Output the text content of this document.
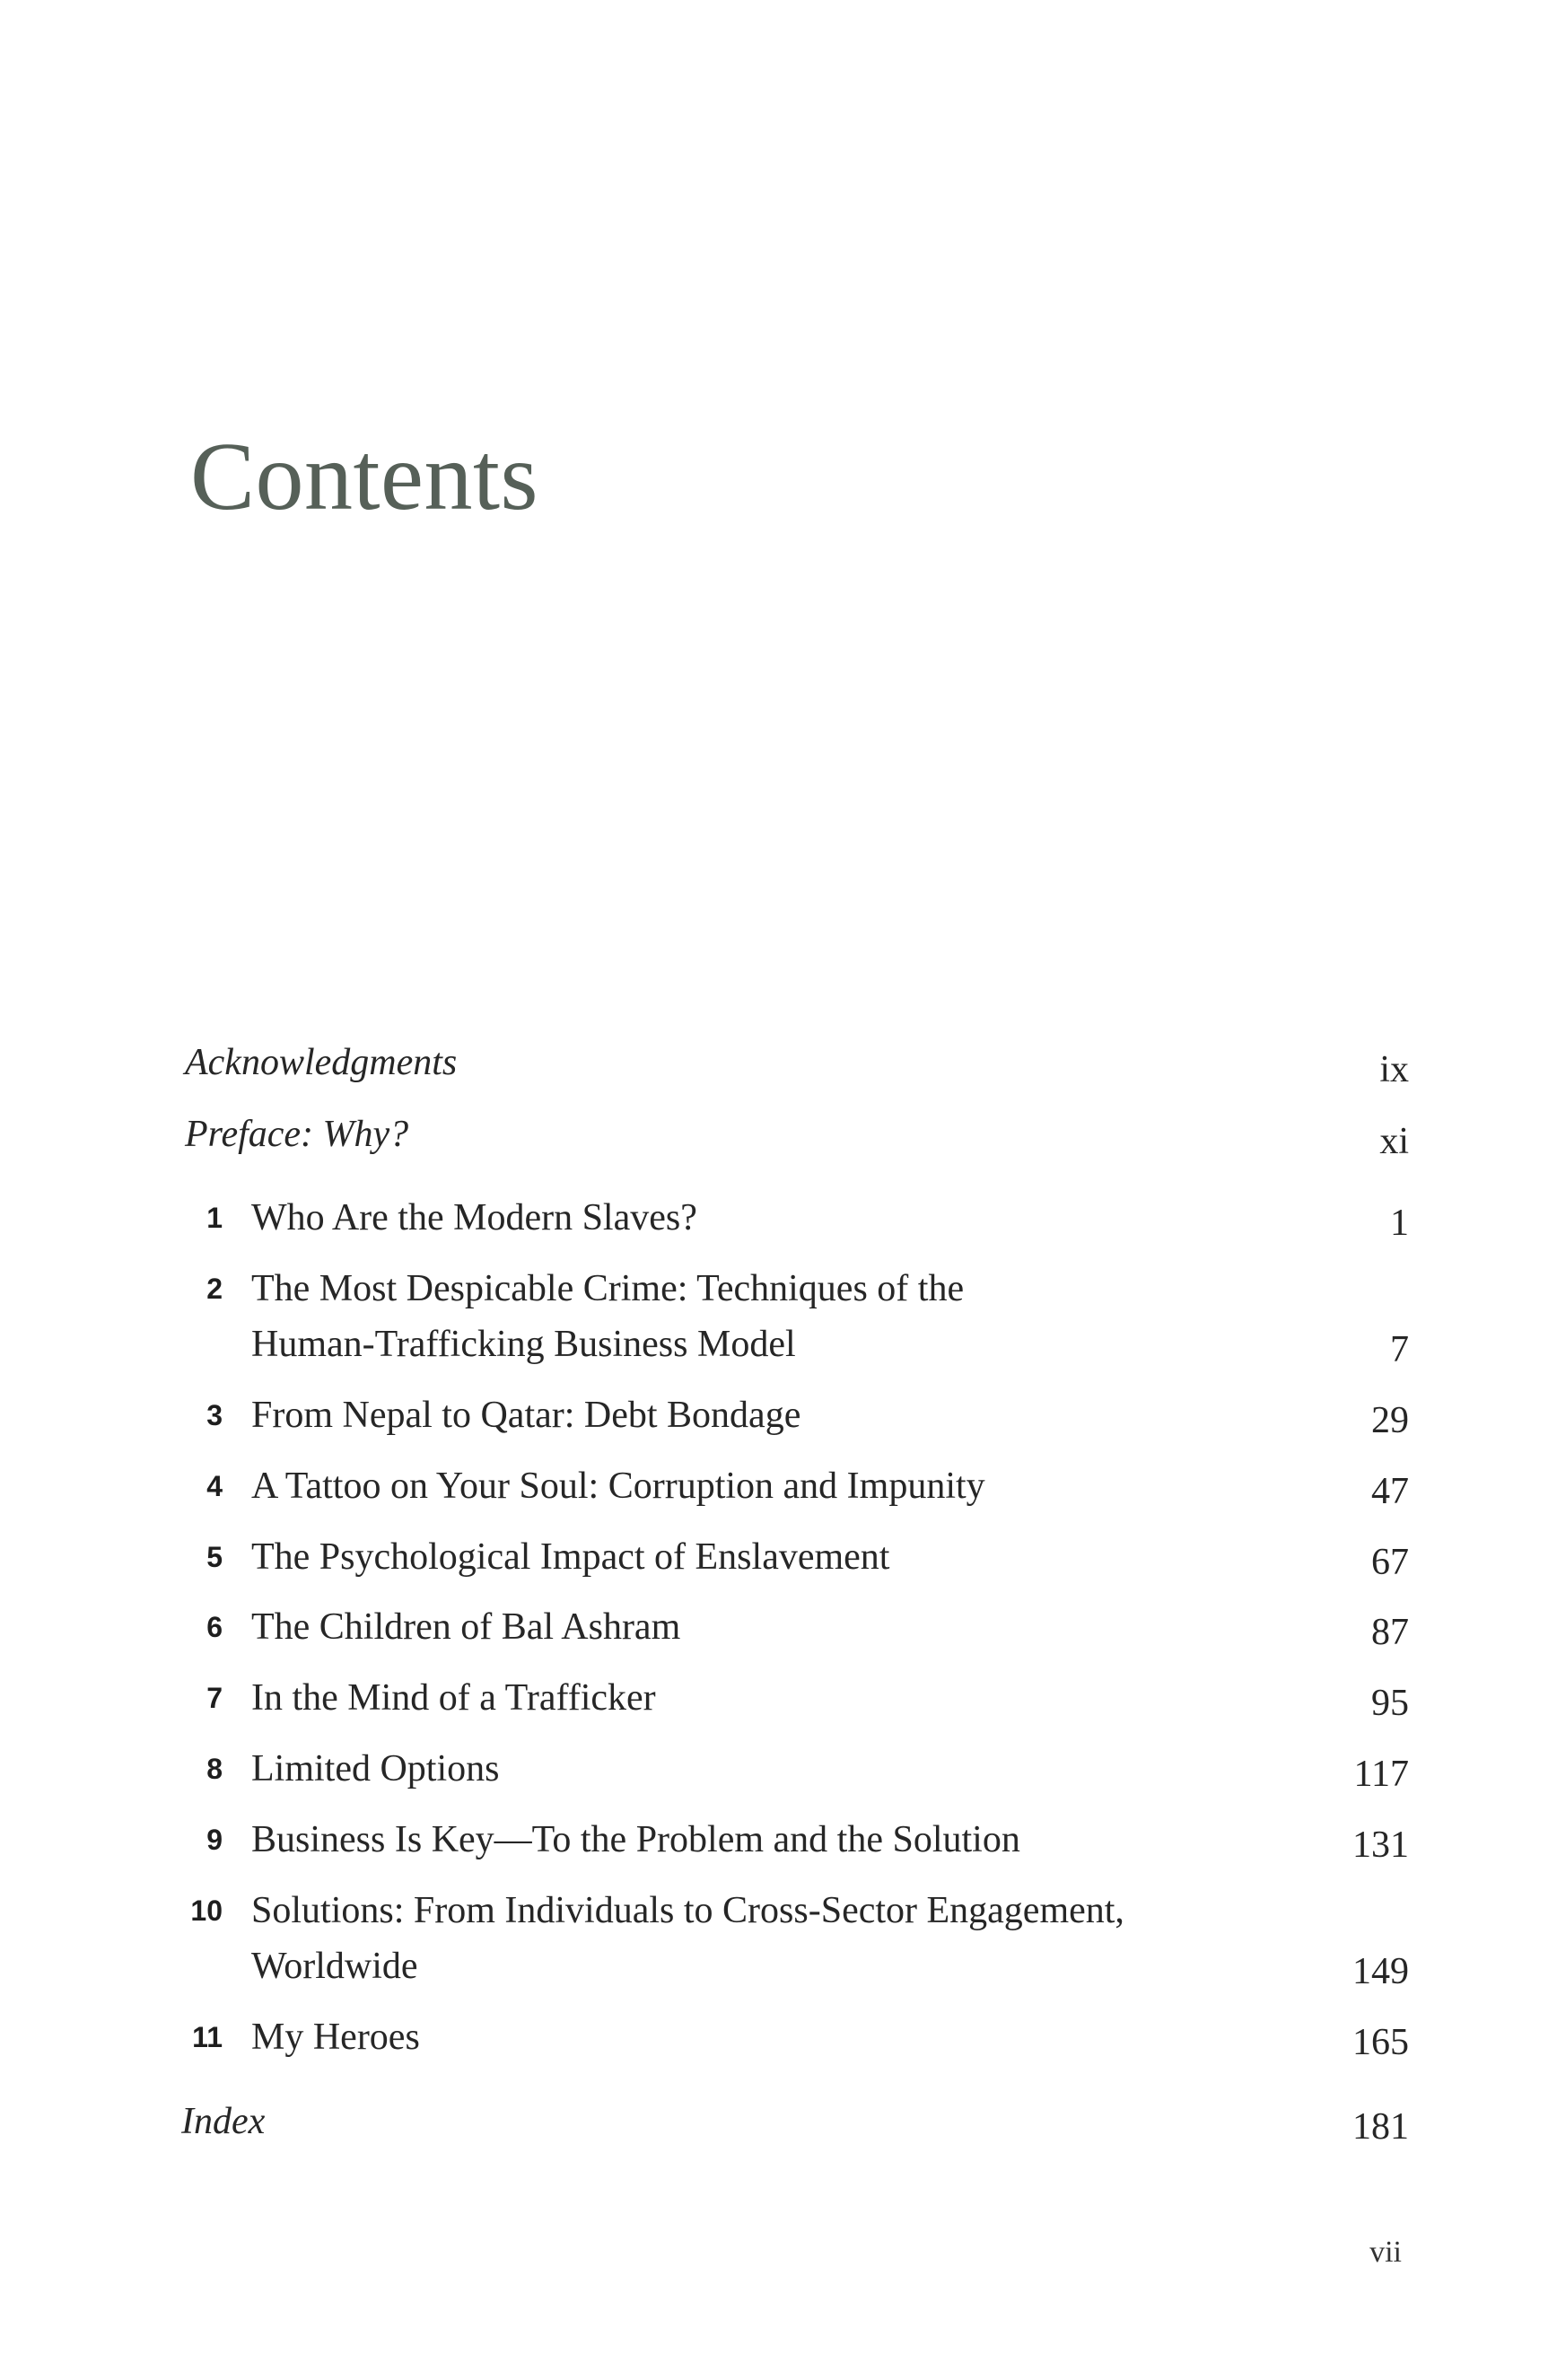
Contents
Acknowledgments	ix
Preface: Why?	xi
1 Who Are the Modern Slaves?	1
2 The Most Despicable Crime: Techniques of the Human-Trafficking Business Model	7
3 From Nepal to Qatar: Debt Bondage	29
4 A Tattoo on Your Soul: Corruption and Impunity	47
5 The Psychological Impact of Enslavement	67
6 The Children of Bal Ashram	87
7 In the Mind of a Trafficker	95
8 Limited Options	117
9 Business Is Key—To the Problem and the Solution	131
10 Solutions: From Individuals to Cross-Sector Engagement, Worldwide	149
11 My Heroes	165
Index	181
vii
